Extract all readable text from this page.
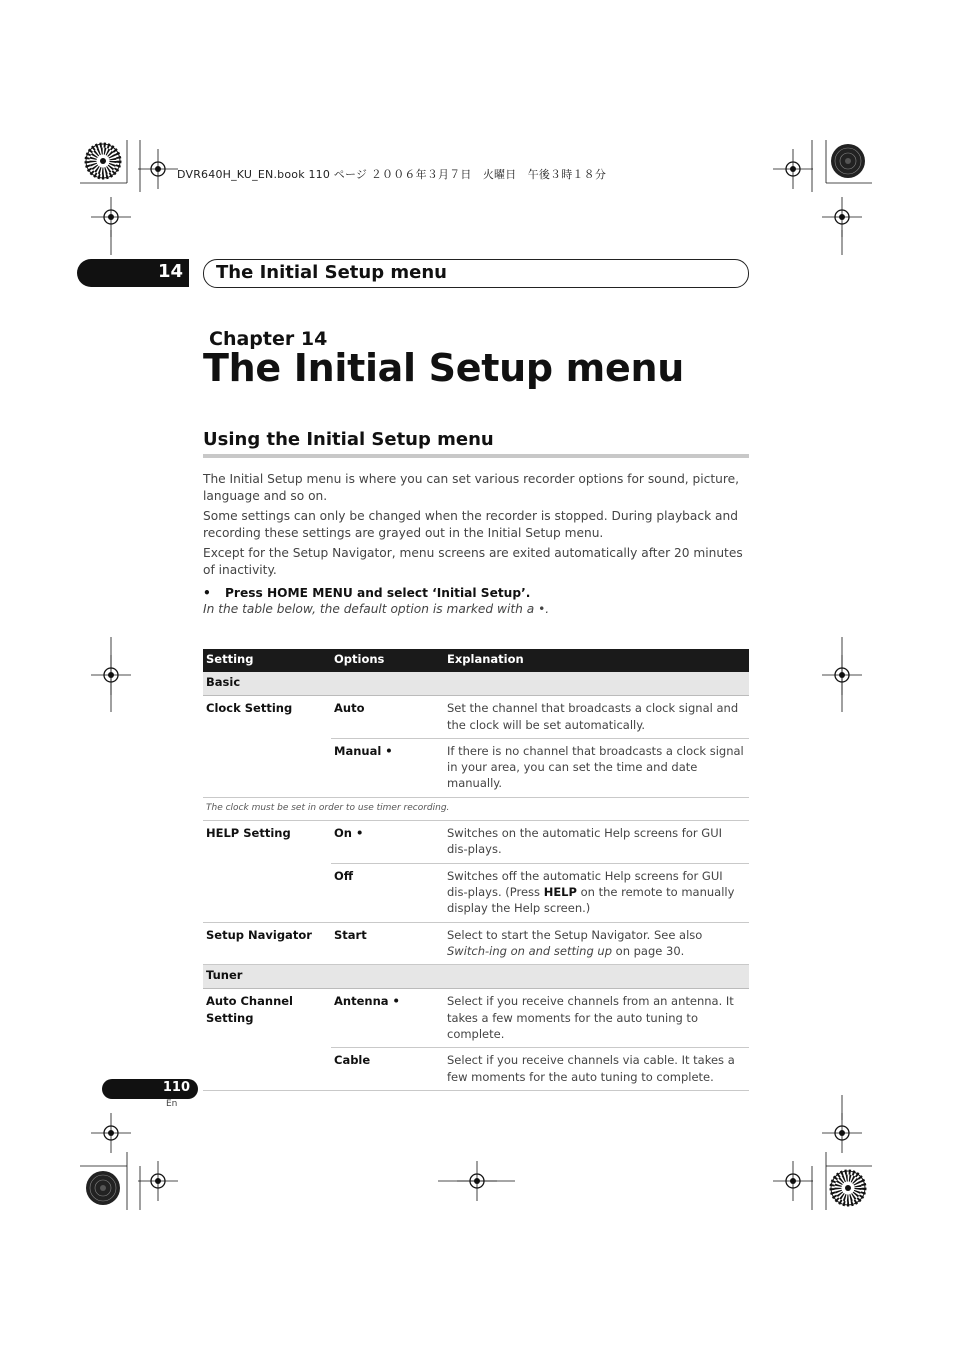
DVR640H_KU_EN.book 110 ページ ２００６年３月７日　火曜日　午後３時１８分
14 The Initial Setup menu
Chapter 14
The Initial Setup menu
Using the Initial Setup menu
The Initial Setup menu is where you can set various recorder options for sound, picture, language and so on.
Some settings can only be changed when the recorder is stopped. During playback and recording these settings are grayed out in the Initial Setup menu.
Except for the Setup Navigator, menu screens are exited automatically after 20 minutes of inactivity.
• Press HOME MENU and select ‘Initial Setup’.
In the table below, the default option is marked with a •.
Setting	Options	Explanation
Basic		
Clock Setting	Auto	Set the channel that broadcasts a clock signal and the clock will be set automatically.
	Manual •	If there is no channel that broadcasts a clock signal in your area, you can set the time and date manually.
The clock must be set in order to use timer recording.		
HELP Setting	On •	Switches on the automatic Help screens for GUI dis-plays.
	Off	Switches off the automatic Help screens for GUI dis-plays. (Press HELP on the remote to manually display the Help screen.)
Setup Navigator	Start	Select to start the Setup Navigator. See also Switch-ing on and setting up on page 30.
Tuner		
Auto Channel Setting	Antenna •	Select if you receive channels from an antenna. It takes a few moments for the auto tuning to complete.
	Cable	Select if you receive channels via cable. It takes a few moments for the auto tuning to complete.
110
En
